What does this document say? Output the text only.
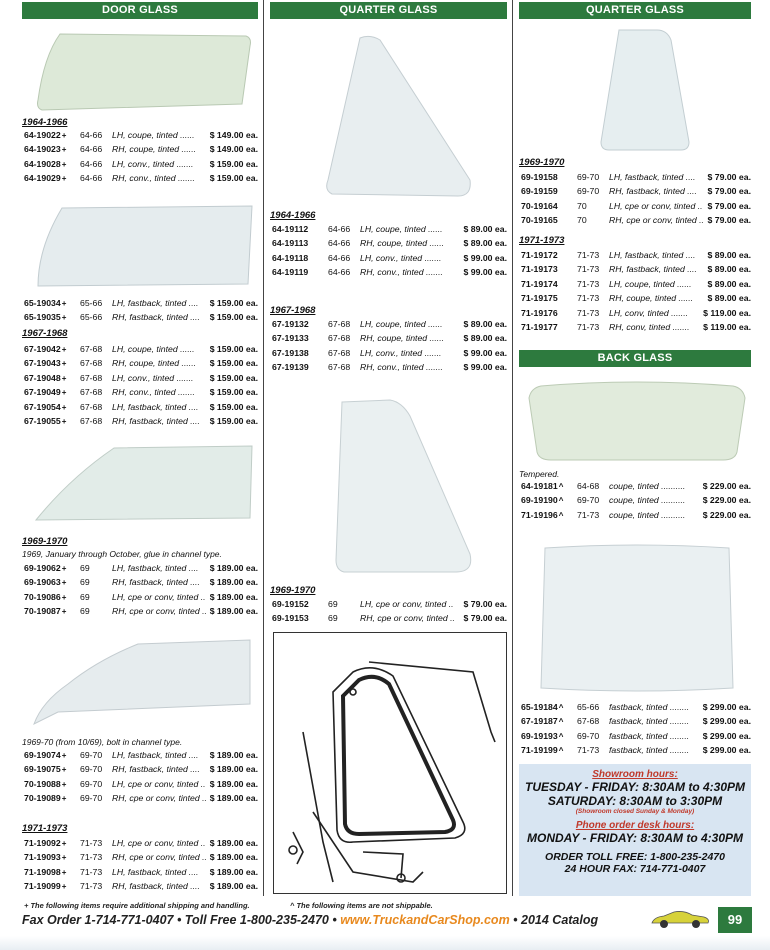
DOOR GLASS
1964-1966
64-19022+ 64-66 LH, coupe, tinted ...... $ 149.00 ea.
64-19023+ 64-66 RH, coupe, tinted ...... $ 149.00 ea.
64-19028+ 64-66 LH, conv., tinted ....... $ 159.00 ea.
64-19029+ 64-66 RH, conv., tinted ....... $ 159.00 ea.
65-19034+ 65-66 LH, fastback, tinted .... $ 159.00 ea.
65-19035+ 65-66 RH, fastback, tinted .... $ 159.00 ea.
1967-1968
67-19042+ 67-68 LH, coupe, tinted ...... $ 159.00 ea.
67-19043+ 67-68 RH, coupe, tinted ...... $ 159.00 ea.
67-19048+ 67-68 LH, conv., tinted ....... $ 159.00 ea.
67-19049+ 67-68 RH, conv., tinted ....... $ 159.00 ea.
67-19054+ 67-68 LH, fastback, tinted .... $ 159.00 ea.
67-19055+ 67-68 RH, fastback, tinted .... $ 159.00 ea.
1969-1970
1969, January through October, glue in channel type.
69-19062+ 69	LH, fastback, tinted .... $ 189.00 ea.
69-19063+ 69	RH, fastback, tinted .... $ 189.00 ea.
70-19086+ 69	LH, cpe or conv, tinted .. $ 189.00 ea.
70-19087+ 69	RH, cpe or conv, tinted .. $ 189.00 ea.
1969-70 (from 10/69), bolt in channel type.
69-19074+ 69-70 LH, fastback, tinted .... $ 189.00 ea.
69-19075+ 69-70 RH, fastback, tinted .... $ 189.00 ea.
70-19088+ 69-70 LH, cpe or conv, tinted .. $ 189.00 ea.
70-19089+ 69-70 RH, cpe or conv, tinted .. $ 189.00 ea.
1971-1973
71-19092+ 71-73 LH, cpe or conv, tinted .. $ 189.00 ea.
71-19093+ 71-73 RH, cpe or conv, tinted .. $ 189.00 ea.
71-19098+ 71-73 LH, fastback, tinted .... $ 189.00 ea.
71-19099+ 71-73 RH, fastback, tinted .... $ 189.00 ea.
QUARTER GLASS
1964-1966
64-19112 64-66 LH, coupe, tinted ...... $ 89.00 ea.
64-19113 64-66 RH, coupe, tinted ...... $ 89.00 ea.
64-19118 64-66 LH, conv., tinted .......	$ 99.00 ea.
64-19119 64-66 RH, conv., tinted ....... $ 99.00 ea.
1967-1968
67-19132 67-68 LH, coupe, tinted ...... $ 89.00 ea.
67-19133 67-68 RH, coupe, tinted ...... $ 89.00 ea.
67-19138 67-68 LH, conv., tinted .......	$ 99.00 ea.
67-19139 67-68 RH, conv., tinted ....... $ 99.00 ea.
1969-1970
69-19152 69	LH, cpe or conv, tinted .. $ 79.00 ea.
69-19153 69	RH, cpe or conv, tinted .. $ 79.00 ea.
QUARTER GLASS
1969-1970
69-19158 69-70 LH, fastback, tinted .... $ 79.00 ea.
69-19159 69-70 RH, fastback, tinted .... $ 79.00 ea.
70-19164 70	LH, cpe or conv, tinted .. $ 79.00 ea.
70-19165 70	RH, cpe or conv, tinted .. $ 79.00 ea.
1971-1973
71-19172 71-73 LH, fastback, tinted .... $ 89.00 ea.
71-19173 71-73 RH, fastback, tinted .... $ 89.00 ea.
71-19174 71-73 LH, coupe, tinted ...... $ 89.00 ea.
71-19175 71-73 RH, coupe, tinted ...... $ 89.00 ea.
71-19176 71-73 LH, conv, tinted ....... $ 119.00 ea.
71-19177 71-73 RH, conv, tinted ....... $ 119.00 ea.
BACK GLASS
Tempered.
64-19181^ 64-68 coupe, tinted .......... $ 229.00 ea.
69-19190^ 69-70 coupe, tinted .......... $ 229.00 ea.
71-19196^ 71-73 coupe, tinted .......... $ 229.00 ea.
65-19184^ 65-66 fastback, tinted ........ $ 299.00 ea.
67-19187^ 67-68 fastback, tinted ........ $ 299.00 ea.
69-19193^ 69-70 fastback, tinted ........ $ 299.00 ea.
71-19199^ 71-73 fastback, tinted ........ $ 299.00 ea.
Showroom hours:
TUESDAY - FRIDAY: 8:30AM to 4:30PM
SATURDAY: 8:30AM to 3:30PM
(Showroom closed Sunday & Monday)
Phone order desk hours:
MONDAY - FRIDAY: 8:30AM to 4:30PM
ORDER TOLL FREE: 1-800-235-2470
24 HOUR FAX: 714-771-0407
+ The following items require additional shipping and handling.	^ The following items are not shippable.
Fax Order 1-714-771-0407 • Toll Free 1-800-235-2470 • www.TruckandCarShop.com • 2014 Catalog	99
